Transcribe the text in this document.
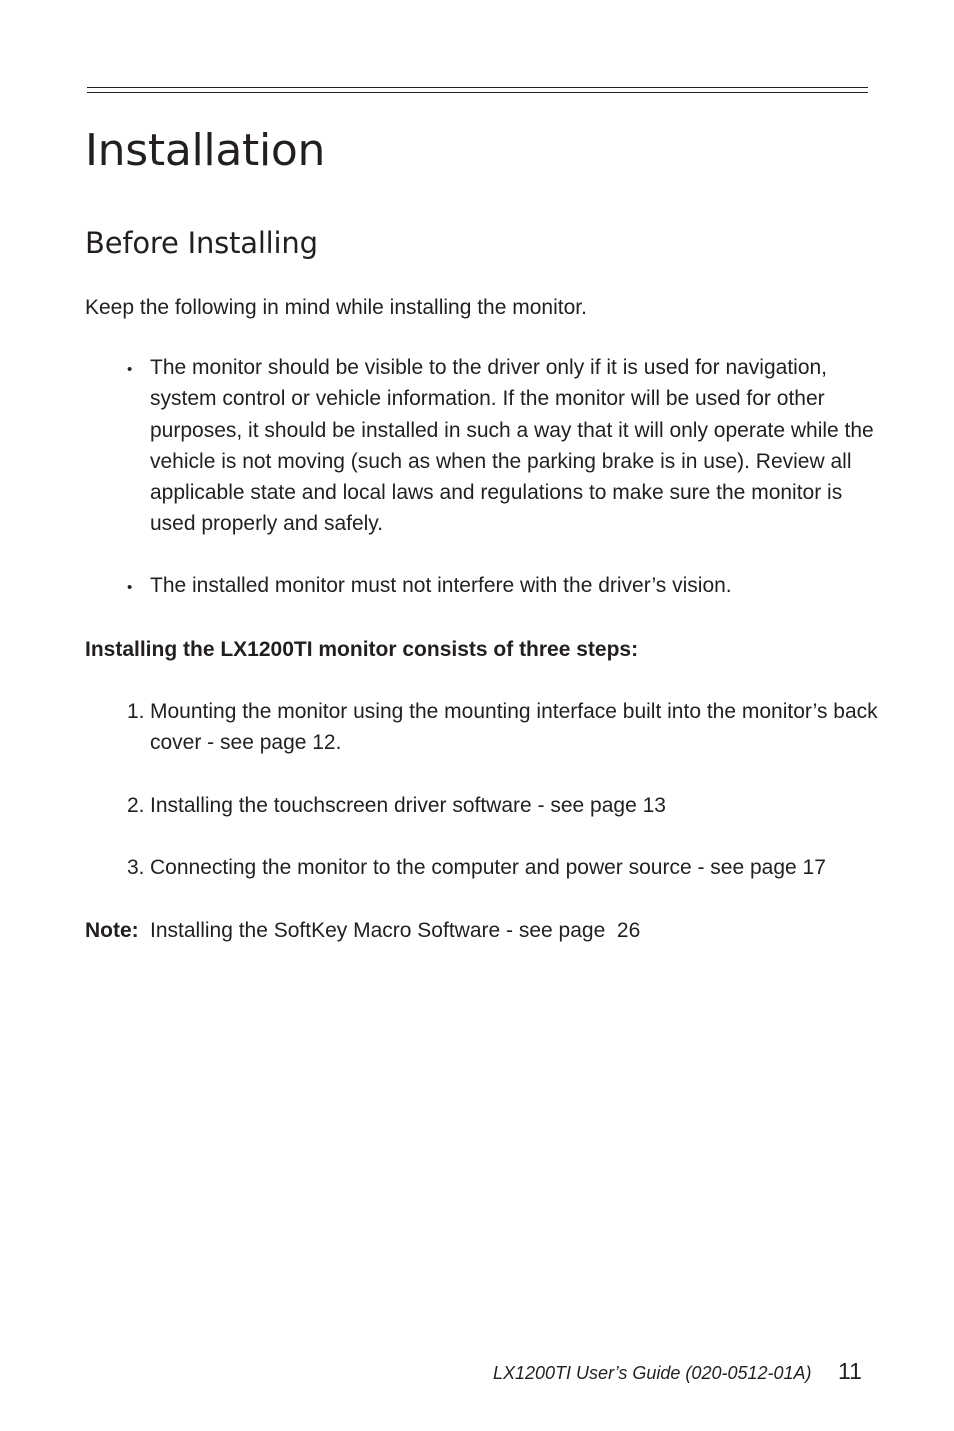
Installation
Before Installing

Keep the following in mind while installing the monitor.

• The monitor should be visible to the driver only if it is used for navigation, system control or vehicle information. If the monitor will be used for other purposes, it should be installed in such a way that it will only operate while the vehicle is not moving (such as when the parking brake is in use). Review all applicable state and local laws and regulations to make sure the monitor is used properly and safely.

• The installed monitor must not interfere with the driver’s vision.

Installing the LX1200TI monitor consists of three steps:

1. Mounting the monitor using the mounting interface built into the monitor’s back cover - see page 12.

2. Installing the touchscreen driver software - see page 13

3. Connecting the monitor to the computer and power source - see page 17

Note: Installing the SoftKey Macro Software - see page  26

LX1200TI User’s Guide (020-0512-01A) 11
